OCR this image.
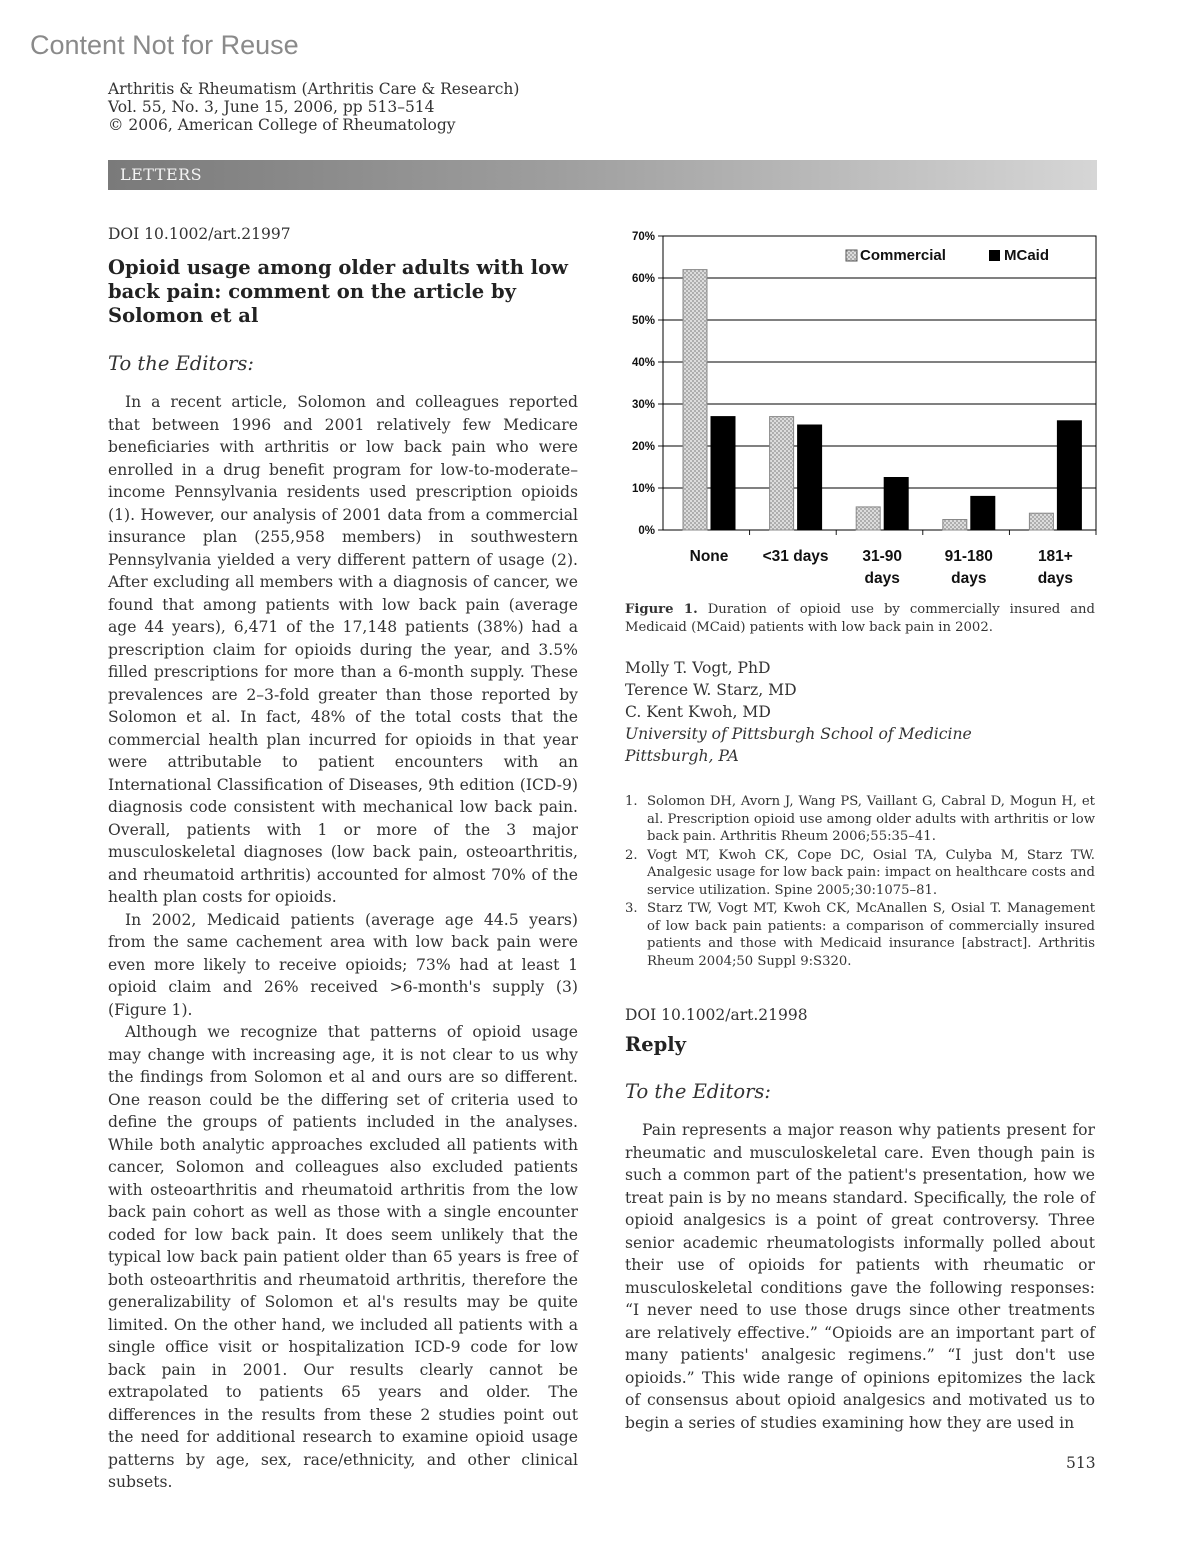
Content Not for Reuse
Arthritis & Rheumatism (Arthritis Care & Research)
Vol. 55, No. 3, June 15, 2006, pp 513–514
© 2006, American College of Rheumatology
LETTERS
DOI 10.1002/art.21997
Opioid usage among older adults with low back pain: comment on the article by Solomon et al
To the Editors:

In a recent article, Solomon and colleagues reported that between 1996 and 2001 relatively few Medicare beneficiaries with arthritis or low back pain who were enrolled in a drug benefit program for low-to-moderate–income Pennsylvania residents used prescription opioids (1). However, our analysis of 2001 data from a commercial insurance plan (255,958 members) in southwestern Pennsylvania yielded a very different pattern of usage (2). After excluding all members with a diagnosis of cancer, we found that among patients with low back pain (average age 44 years), 6,471 of the 17,148 patients (38%) had a prescription claim for opioids during the year, and 3.5% filled prescriptions for more than a 6-month supply. These prevalences are 2–3-fold greater than those reported by Solomon et al. In fact, 48% of the total costs that the commercial health plan incurred for opioids in that year were attributable to patient encounters with an International Classification of Diseases, 9th edition (ICD-9) diagnosis code consistent with mechanical low back pain. Overall, patients with 1 or more of the 3 major musculoskeletal diagnoses (low back pain, osteoarthritis, and rheumatoid arthritis) accounted for almost 70% of the health plan costs for opioids.

In 2002, Medicaid patients (average age 44.5 years) from the same cachement area with low back pain were even more likely to receive opioids; 73% had at least 1 opioid claim and 26% received >6-month's supply (3) (Figure 1).

Although we recognize that patterns of opioid usage may change with increasing age, it is not clear to us why the findings from Solomon et al and ours are so different. One reason could be the differing set of criteria used to define the groups of patients included in the analyses. While both analytic approaches excluded all patients with cancer, Solomon and colleagues also excluded patients with osteoarthritis and rheumatoid arthritis from the low back pain cohort as well as those with a single encounter coded for low back pain. It does seem unlikely that the typical low back pain patient older than 65 years is free of both osteoarthritis and rheumatoid arthritis, therefore the generalizability of Solomon et al's results may be quite limited. On the other hand, we included all patients with a single office visit or hospitalization ICD-9 code for low back pain in 2001. Our results clearly cannot be extrapolated to patients 65 years and older. The differences in the results from these 2 studies point out the need for additional research to examine opioid usage patterns by age, sex, race/ethnicity, and other clinical subsets.

0%
10%
20%
30%
40%
50%
60%
70%
None <31 days 31-90
days
91-180
days
181+
days
Commercial	MCaid
Figure 1. Duration of opioid use by commercially insured and Medicaid (MCaid) patients with low back pain in 2002.
Molly T. Vogt, PhD
Terence W. Starz, MD
C. Kent Kwoh, MD
University of Pittsburgh School of Medicine
Pittsburgh, PA
1. Solomon DH, Avorn J, Wang PS, Vaillant G, Cabral D, Mogun H, et al. Prescription opioid use among older adults with arthritis or low back pain. Arthritis Rheum 2006;55:35–41.
2. Vogt MT, Kwoh CK, Cope DC, Osial TA, Culyba M, Starz TW. Analgesic usage for low back pain: impact on healthcare costs and service utilization. Spine 2005;30:1075–81.
3. Starz TW, Vogt MT, Kwoh CK, McAnallen S, Osial T. Management of low back pain patients: a comparison of commercially insured patients and those with Medicaid insurance [abstract]. Arthritis Rheum 2004;50 Suppl 9:S320.
DOI 10.1002/art.21998
Reply
To the Editors:

Pain represents a major reason why patients present for rheumatic and musculoskeletal care. Even though pain is such a common part of the patient's presentation, how we treat pain is by no means standard. Specifically, the role of opioid analgesics is a point of great controversy. Three senior academic rheumatologists informally polled about their use of opioids for patients with rheumatic or musculoskeletal conditions gave the following responses: “I never need to use those drugs since other treatments are relatively effective.” “Opioids are an important part of many patients' analgesic regimens.” “I just don't use opioids.” This wide range of opinions epitomizes the lack of consensus about opioid analgesics and motivated us to begin a series of studies examining how they are used in

513
